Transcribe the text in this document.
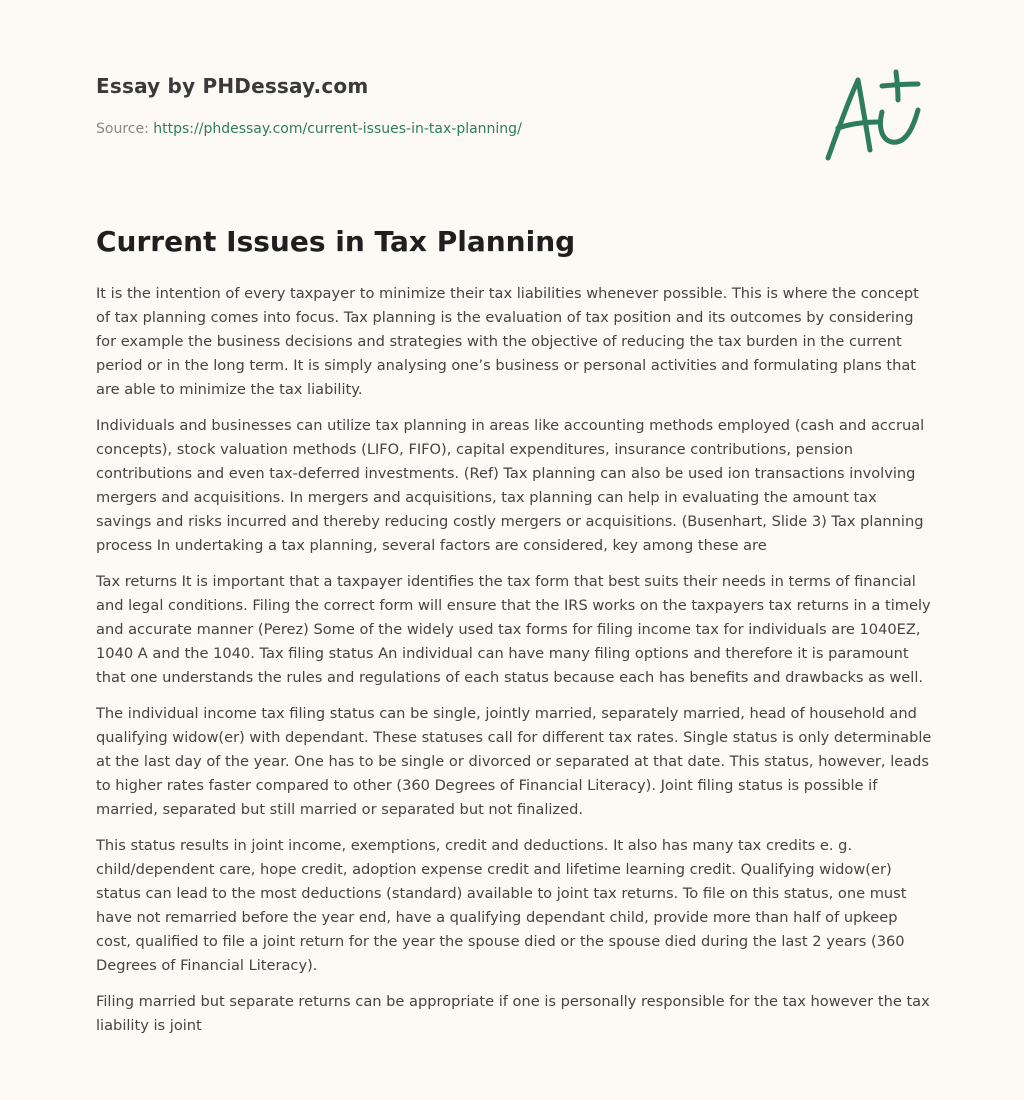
Essay by PHDessay.com
Source: https://phdessay.com/current-issues-in-tax-planning/
Current Issues in Tax Planning

It is the intention of every taxpayer to minimize their tax liabilities whenever possible. This is where the concept of tax planning comes into focus. Tax planning is the evaluation of tax position and its outcomes by considering for example the business decisions and strategies with the objective of reducing the tax burden in the current period or in the long term. It is simply analysing one’s business or personal activities and formulating plans that are able to minimize the tax liability.

Individuals and businesses can utilize tax planning in areas like accounting methods employed (cash and accrual concepts), stock valuation methods (LIFO, FIFO), capital expenditures, insurance contributions, pension contributions and even tax-deferred investments. (Ref) Tax planning can also be used ion transactions involving mergers and acquisitions. In mergers and acquisitions, tax planning can help in evaluating the amount tax savings and risks incurred and thereby reducing costly mergers or acquisitions. (Busenhart, Slide 3) Tax planning process In undertaking a tax planning, several factors are considered, key among these are

Tax returns It is important that a taxpayer identifies the tax form that best suits their needs in terms of financial and legal conditions. Filing the correct form will ensure that the IRS works on the taxpayers tax returns in a timely and accurate manner (Perez) Some of the widely used tax forms for filing income tax for individuals are 1040EZ, 1040 A and the 1040. Tax filing status An individual can have many filing options and therefore it is paramount that one understands the rules and regulations of each status because each has benefits and drawbacks as well.

The individual income tax filing status can be single, jointly married, separately married, head of household and qualifying widow(er) with dependant. These statuses call for different tax rates. Single status is only determinable at the last day of the year. One has to be single or divorced or separated at that date. This status, however, leads to higher rates faster compared to other (360 Degrees of Financial Literacy). Joint filing status is possible if married, separated but still married or separated but not finalized.

This status results in joint income, exemptions, credit and deductions. It also has many tax credits e. g. child/dependent care, hope credit, adoption expense credit and lifetime learning credit. Qualifying widow(er) status can lead to the most deductions (standard) available to joint tax returns. To file on this status, one must have not remarried before the year end, have a qualifying dependant child, provide more than half of upkeep cost, qualified to file a joint return for the year the spouse died or the spouse died during the last 2 years (360 Degrees of Financial Literacy).

Filing married but separate returns can be appropriate if one is personally responsible for the tax however the tax liability is joint
